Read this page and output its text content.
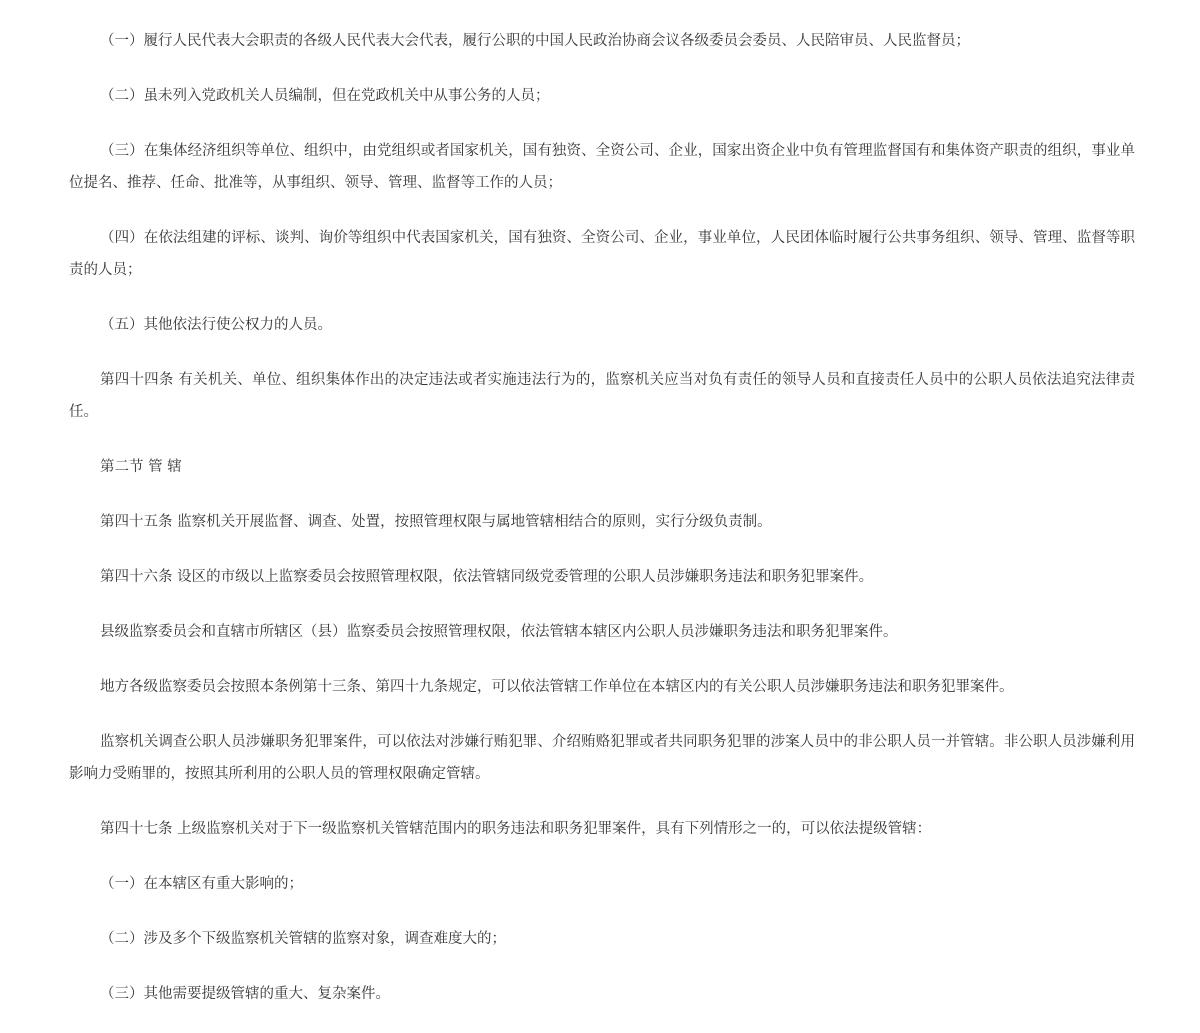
（一）履行人民代表大会职责的各级人民代表大会代表，履行公职的中国人民政治协商会议各级委员会委员、人民陪审员、人民监督员；

（二）虽未列入党政机关人员编制，但在党政机关中从事公务的人员；

（三）在集体经济组织等单位、组织中，由党组织或者国家机关，国有独资、全资公司、企业，国家出资企业中负有管理监督国有和集体资产职责的组织，事业单位提名、推荐、任命、批准等，从事组织、领导、管理、监督等工作的人员；

（四）在依法组建的评标、谈判、询价等组织中代表国家机关，国有独资、全资公司、企业，事业单位，人民团体临时履行公共事务组织、领导、管理、监督等职责的人员；

（五）其他依法行使公权力的人员。

第四十四条 有关机关、单位、组织集体作出的决定违法或者实施违法行为的，监察机关应当对负有责任的领导人员和直接责任人员中的公职人员依法追究法律责任。

第二节 管 辖

第四十五条 监察机关开展监督、调查、处置，按照管理权限与属地管辖相结合的原则，实行分级负责制。

第四十六条 设区的市级以上监察委员会按照管理权限，依法管辖同级党委管理的公职人员涉嫌职务违法和职务犯罪案件。

县级监察委员会和直辖市所辖区（县）监察委员会按照管理权限，依法管辖本辖区内公职人员涉嫌职务违法和职务犯罪案件。

地方各级监察委员会按照本条例第十三条、第四十九条规定，可以依法管辖工作单位在本辖区内的有关公职人员涉嫌职务违法和职务犯罪案件。

监察机关调查公职人员涉嫌职务犯罪案件，可以依法对涉嫌行贿犯罪、介绍贿赂犯罪或者共同职务犯罪的涉案人员中的非公职人员一并管辖。非公职人员涉嫌利用影响力受贿罪的，按照其所利用的公职人员的管理权限确定管辖。

第四十七条 上级监察机关对于下一级监察机关管辖范围内的职务违法和职务犯罪案件，具有下列情形之一的，可以依法提级管辖：

（一）在本辖区有重大影响的；

（二）涉及多个下级监察机关管辖的监察对象，调查难度大的；

（三）其他需要提级管辖的重大、复杂案件。
